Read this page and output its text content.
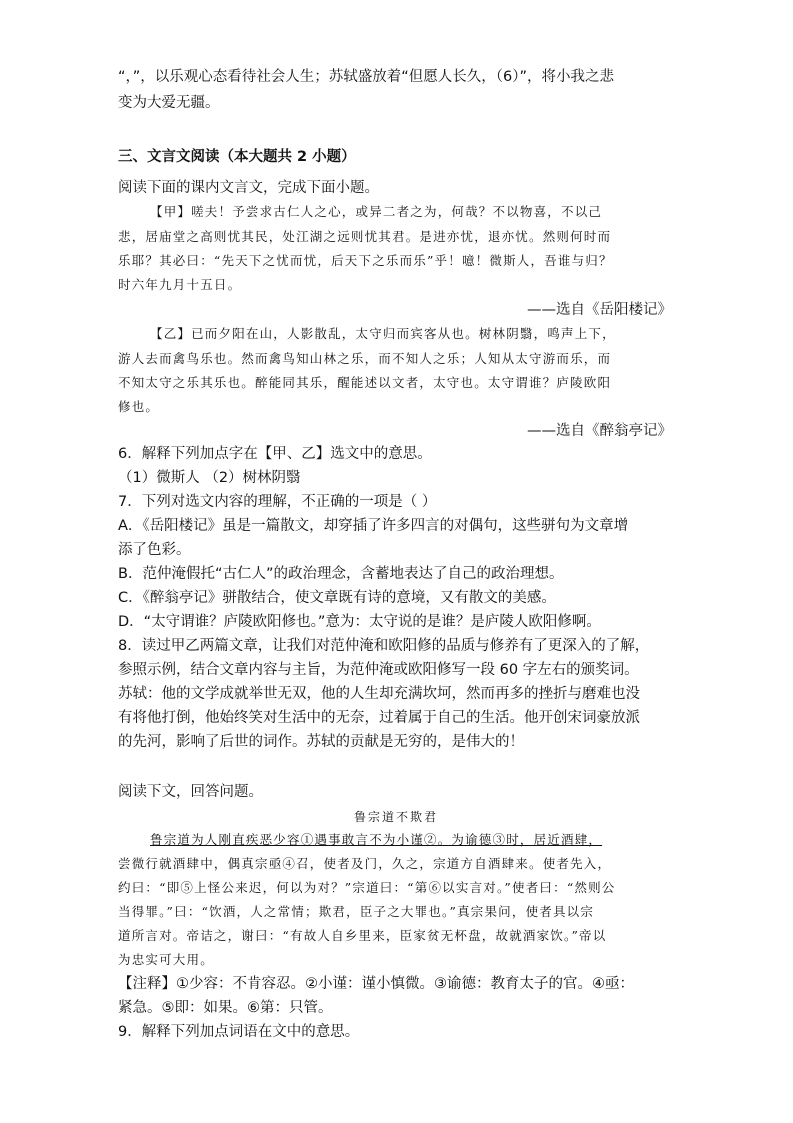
“，”，以乐观心态看待社会人生；苏轼盛放着“但愿人长久，（6）”，将小我之悲
变为大爱无疆。
三、文言文阅读（本大题共 2 小题）
阅读下面的课内文言文，完成下面小题。
【甲】嗟夫！予尝求古仁人之心，或异二者之为，何哉？不以物喜，不以己
悲，居庙堂之高则忧其民，处江湖之远则忧其君。是进亦忧，退亦忧。然则何时而
乐耶？其必曰：“先天下之忧而忧，后天下之乐而乐”乎！噫！微斯人，吾谁与归？
时六年九月十五日。
——选自《岳阳楼记》
【乙】已而夕阳在山，人影散乱，太守归而宾客从也。树林阴翳，鸣声上下，
游人去而禽鸟乐也。然而禽鸟知山林之乐，而不知人之乐；人知从太守游而乐，而
不知太守之乐其乐也。醉能同其乐，醒能述以文者，太守也。太守谓谁？庐陵欧阳
修也。
——选自《醉翁亭记》
6．解释下列加点字在【甲、乙】选文中的意思。
（1）微斯人 （2）树林阴翳
7．下列对选文内容的理解，不正确的一项是（ ）
A．《岳阳楼记》虽是一篇散文，却穿插了许多四言的对偶句，这些骈句为文章增
添了色彩。
B．范仲淹假托“古仁人”的政治理念，含蓄地表达了自己的政治理想。
C．《醉翁亭记》骈散结合，使文章既有诗的意境，又有散文的美感。
D．“太守谓谁？庐陵欧阳修也。”意为：太守说的是谁？是庐陵人欧阳修啊。
8．读过甲乙两篇文章，让我们对范仲淹和欧阳修的品质与修养有了更深入的了解，
参照示例，结合文章内容与主旨，为范仲淹或欧阳修写一段 60 字左右的颁奖词。
苏轼：他的文学成就举世无双，他的人生却充满坎坷，然而再多的挫折与磨难也没
有将他打倒，他始终笑对生活中的无奈，过着属于自己的生活。他开创宋词豪放派
的先河，影响了后世的词作。苏轼的贡献是无穷的，是伟大的！
阅读下文，回答问题。
鲁宗道不欺君
鲁宗道为人刚直疾恶少容①遇事敢言不为小谨②。为谕德③时，居近酒肆，
尝微行就酒肆中，偶真宗亟④召，使者及门，久之，宗道方自酒肆来。使者先入，
约曰：“即⑤上怪公来迟，何以为对？”宗道曰：“第⑥以实言对。”使者曰：“然则公
当得罪。”曰：“饮酒，人之常情；欺君，臣子之大罪也。”真宗果问，使者具以宗
道所言对。帝诘之，谢曰：“有故人自乡里来，臣家贫无杯盘，故就酒家饮。”帝以
为忠实可大用。
【注释】①少容：不肯容忍。②小谨：谨小慎微。③谕德：教育太子的官。④亟：
紧急。⑤即：如果。⑥第：只管。
9．解释下列加点词语在文中的意思。
